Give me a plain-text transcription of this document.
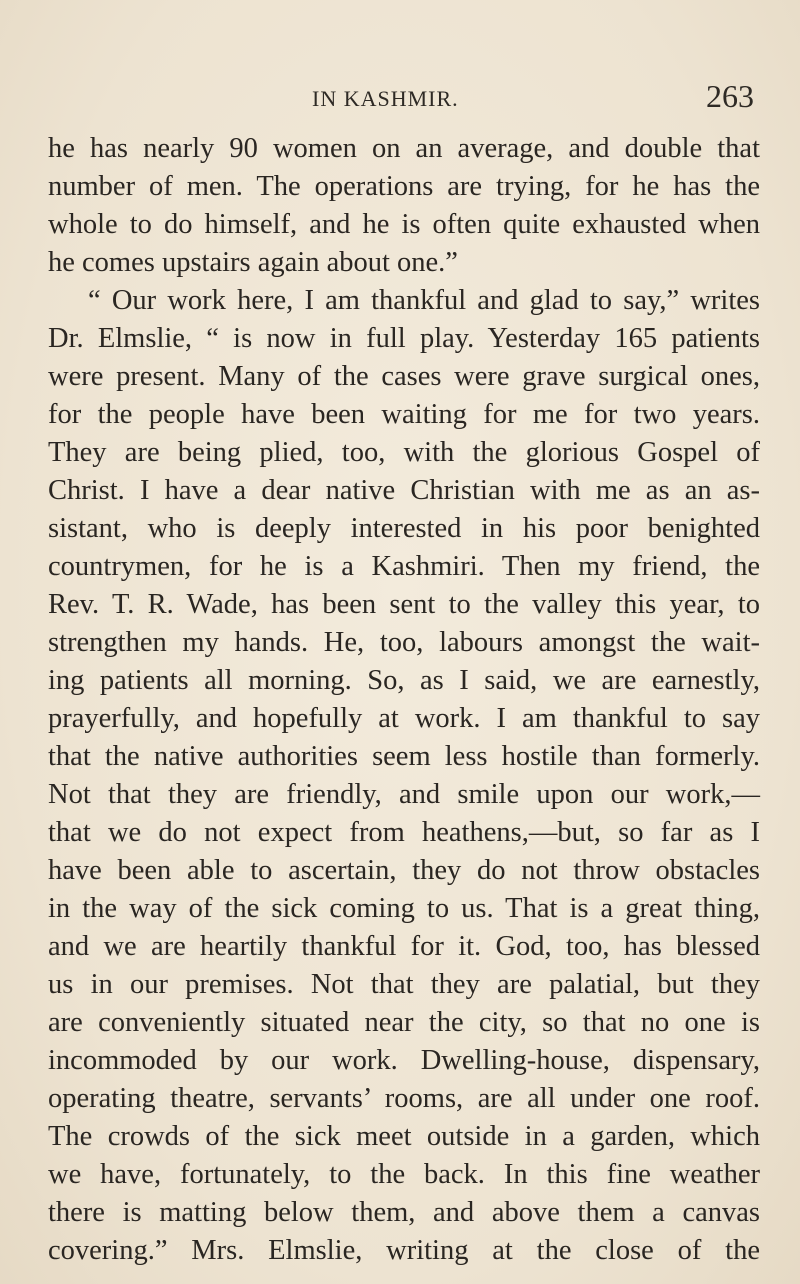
IN KASHMIR.	263
he has nearly 90 women on an average, and double that
number of men. The operations are trying, for he has the
whole to do himself, and he is often quite exhausted when
he comes upstairs again about one.”
“ Our work here, I am thankful and glad to say,” writes
Dr. Elmslie, “ is now in full play. Yesterday 165 patients
were present. Many of the cases were grave surgical ones,
for the people have been waiting for me for two years.
They are being plied, too, with the glorious Gospel of
Christ. I have a dear native Christian with me as an as-
sistant, who is deeply interested in his poor benighted
countrymen, for he is a Kashmiri. Then my friend, the
Rev. T. R. Wade, has been sent to the valley this year, to
strengthen my hands. He, too, labours amongst the wait-
ing patients all morning. So, as I said, we are earnestly,
prayerfully, and hopefully at work. I am thankful to say
that the native authorities seem less hostile than formerly.
Not that they are friendly, and smile upon our work,—
that we do not expect from heathens,—but, so far as I
have been able to ascertain, they do not throw obstacles
in the way of the sick coming to us. That is a great thing,
and we are heartily thankful for it. God, too, has blessed
us in our premises. Not that they are palatial, but they
are conveniently situated near the city, so that no one is
incommoded by our work. Dwelling-house, dispensary,
operating theatre, servants’ rooms, are all under one roof.
The crowds of the sick meet outside in a garden, which
we have, fortunately, to the back. In this fine weather
there is matting below them, and above them a canvas
covering.” Mrs. Elmslie, writing at the close of the
